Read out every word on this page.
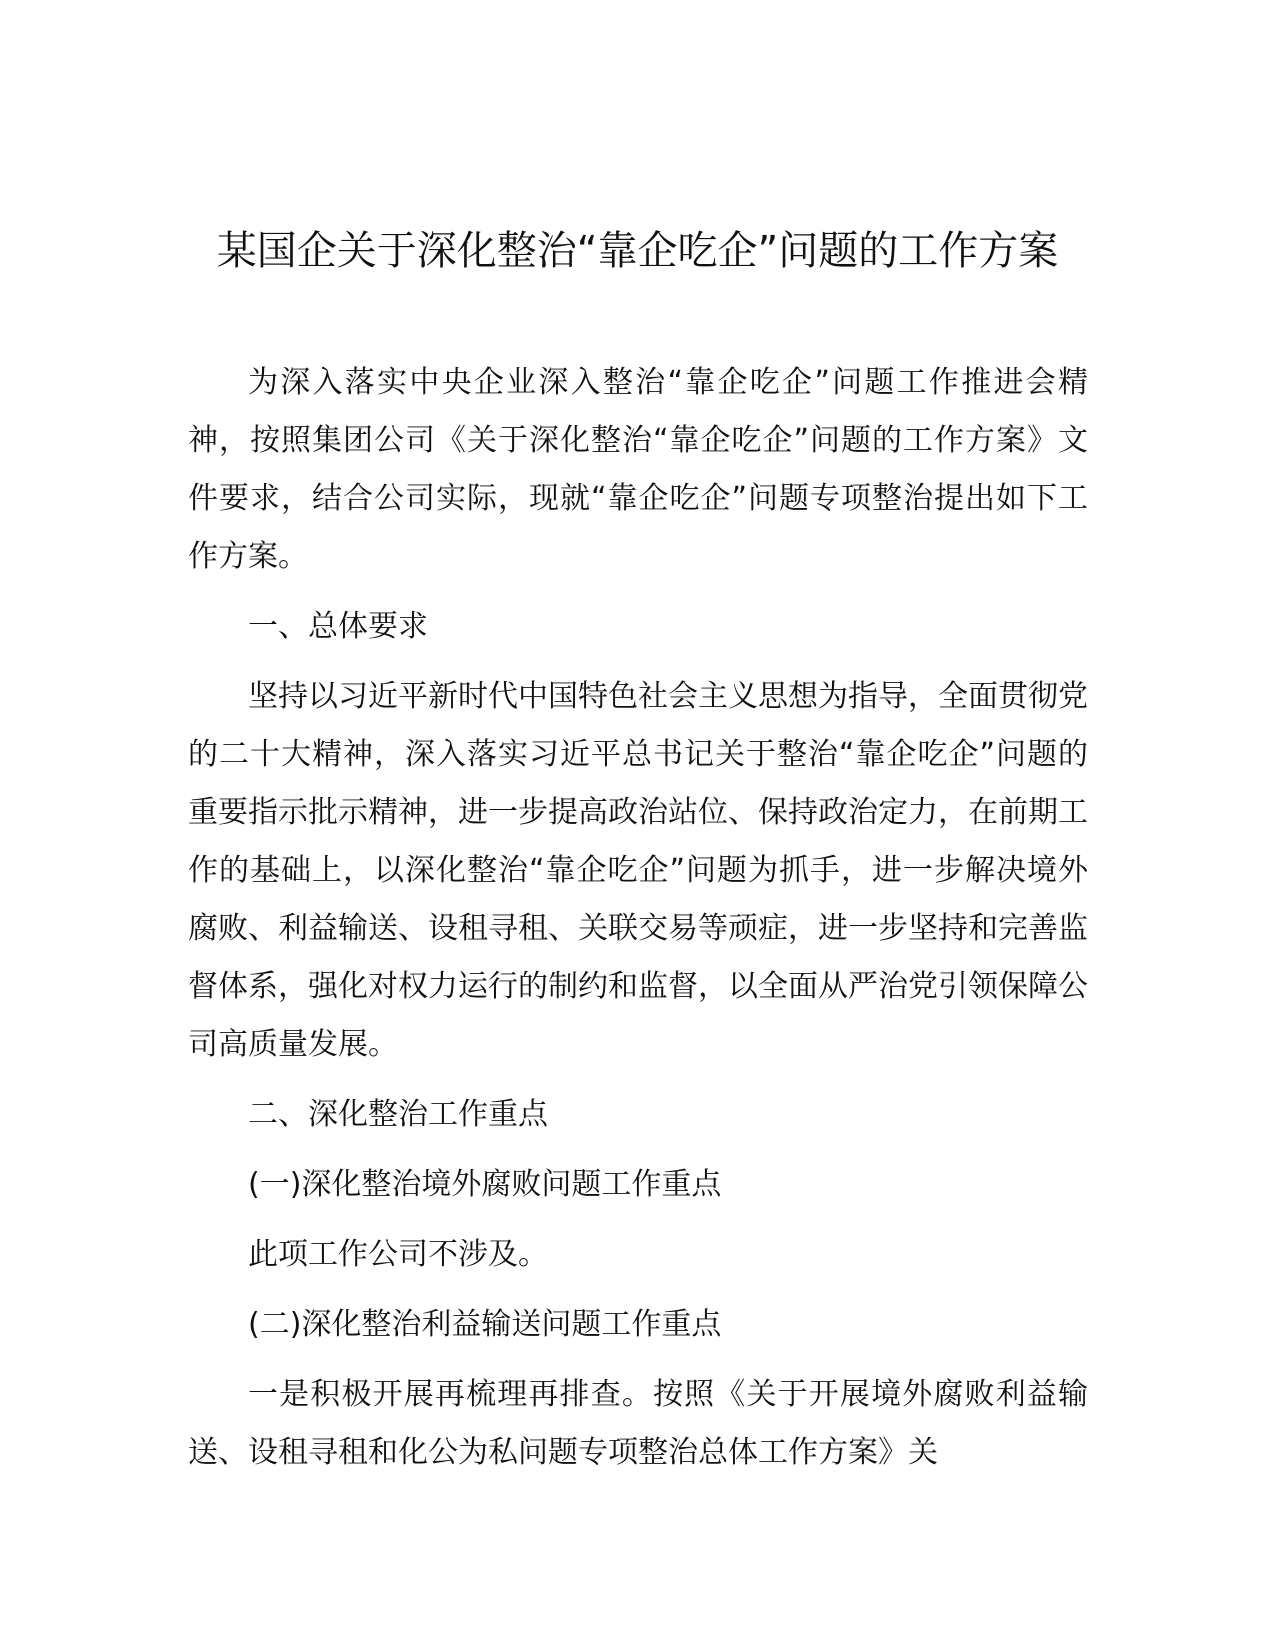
某国企关于深化整治“靠企吃企”问题的工作方案

为深入落实中央企业深入整治“靠企吃企”问题工作推进会精神，按照集团公司《关于深化整治“靠企吃企”问题的工作方案》文件要求，结合公司实际，现就“靠企吃企”问题专项整治提出如下工作方案。

一、总体要求

坚持以习近平新时代中国特色社会主义思想为指导，全面贯彻党的二十大精神，深入落实习近平总书记关于整治“靠企吃企”问题的重要指示批示精神，进一步提高政治站位、保持政治定力，在前期工作的基础上，以深化整治“靠企吃企”问题为抓手，进一步解决境外腐败、利益输送、设租寻租、关联交易等顽症，进一步坚持和完善监督体系，强化对权力运行的制约和监督，以全面从严治党引领保障公司高质量发展。

二、深化整治工作重点

(一)深化整治境外腐败问题工作重点

此项工作公司不涉及。

(二)深化整治利益输送问题工作重点

一是积极开展再梳理再排查。按照《关于开展境外腐败利益输送、设租寻租和化公为私问题专项整治总体工作方案》关
